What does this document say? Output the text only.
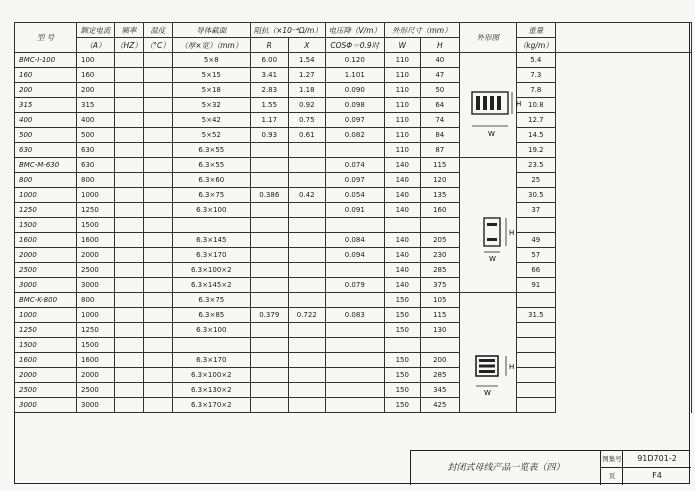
型 号	额定电流	频率	温度	导体截面	阻抗（×10⁻⁴Ω/m）		电压降（V/m）	外形尺寸（mm）		外形图	重量	
	（A）	（HZ）	（°C）	（厚×宽）（mm）	R	X	COSΦ＝0.9时	W	H		（kg/m）	
BMC-I-100	100			5×8	6.00	1.54	0.120	110	40		5.4	
160	160			5×15	3.41	1.27	1.101	110	47		7.3	
200	200			5×18	2.83	1.18	0.090	110	50		7.8	
315	315			5×32	1.55	0.92	0.098	110	64		10.8	
400	400			5×42	1.17	0.75	0.097	110	74		12.7	
500	500			5×52	0.93	0.61	0.082	110	84		14.5	
630	630			6.3×55				110	87		19.2	
BMC-M-630	630			6.3×55			0.074	140	115		23.5	
800	800			6.3×60			0.097	140	120		25	
1000	1000			6.3×75	0.386	0.42	0.054	140	135		30.5	
1250	1250			6.3×100			0.091	140	160		37	
1500	1500											
1600	1600			6.3×145			0.084	140	205		49	
2000	2000			6.3×170			0.094	140	230		57	
2500	2500			6.3×100×2				140	285		66	
3000	3000			6.3×145×2			0.079	140	375		91	
BMC-K-800	800			6.3×75				150	105			
1000	1000			6.3×85	0.379	0.722	0.083	150	115		31.5	
1250	1250			6.3×100				150	130			
1500	1500											
1600	1600			6.3×170				150	200			
2000	2000			6.3×100×2				150	285			
2500	2500			6.3×130×2				150	345			
3000	3000			6.3×170×2				150	425			
H
W
H
W
H
W
封闭式母线产品一览表（四）
图集号	91D701-2
页	F4
